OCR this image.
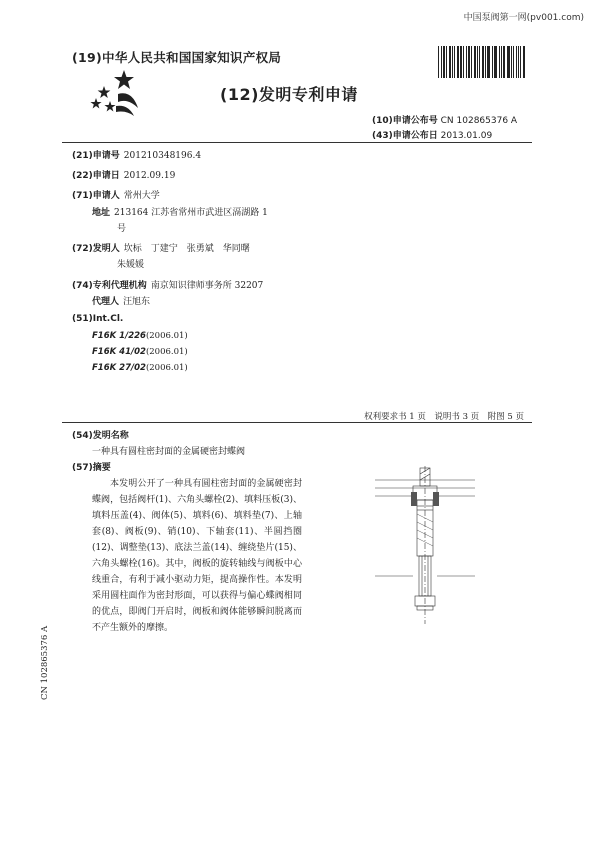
中国泵阀第一网(pv001.com)
(19)中华人民共和国国家知识产权局
(12)发明专利申请
(10)申请公布号 CN 102865376 A
(43)申请公布日 2013.01.09
(21)申请号 201210348196.4
(22)申请日 2012.09.19
(71)申请人 常州大学
地址 213164 江苏省常州市武进区滆湖路 1
号
(72)发明人 坎标　丁建宁　张勇斌　华同曙
朱媛媛
(74)专利代理机构 南京知识律师事务所 32207
代理人 汪旭东
(51)Int.Cl.
F16K 1/226(2006.01)
F16K 41/02(2006.01)
F16K 27/02(2006.01)
权利要求书 1 页　说明书 3 页　附图 5 页
(54)发明名称
一种具有圆柱密封面的金属硬密封蝶阀
(57)摘要
本发明公开了一种具有圆柱密封面的金属硬密封蝶阀，包括阀杆(1)、六角头螺栓(2)、填料压板(3)、填料压盖(4)、阀体(5)、填料(6)、填料垫(7)、上轴套(8)、阀板(9)、销(10)、下轴套(11)、半圆挡圈(12)、调整垫(13)、底法兰盖(14)、缠绕垫片(15)、六角头螺栓(16)。其中，阀板的旋转轴线与阀板中心线重合，有利于减小驱动力矩，提高操作性。本发明采用圆柱面作为密封形面，可以获得与偏心蝶阀相同的优点，即阀门开启时，阀板和阀体能够瞬间脱离而不产生额外的摩擦。
CN 102865376 A
